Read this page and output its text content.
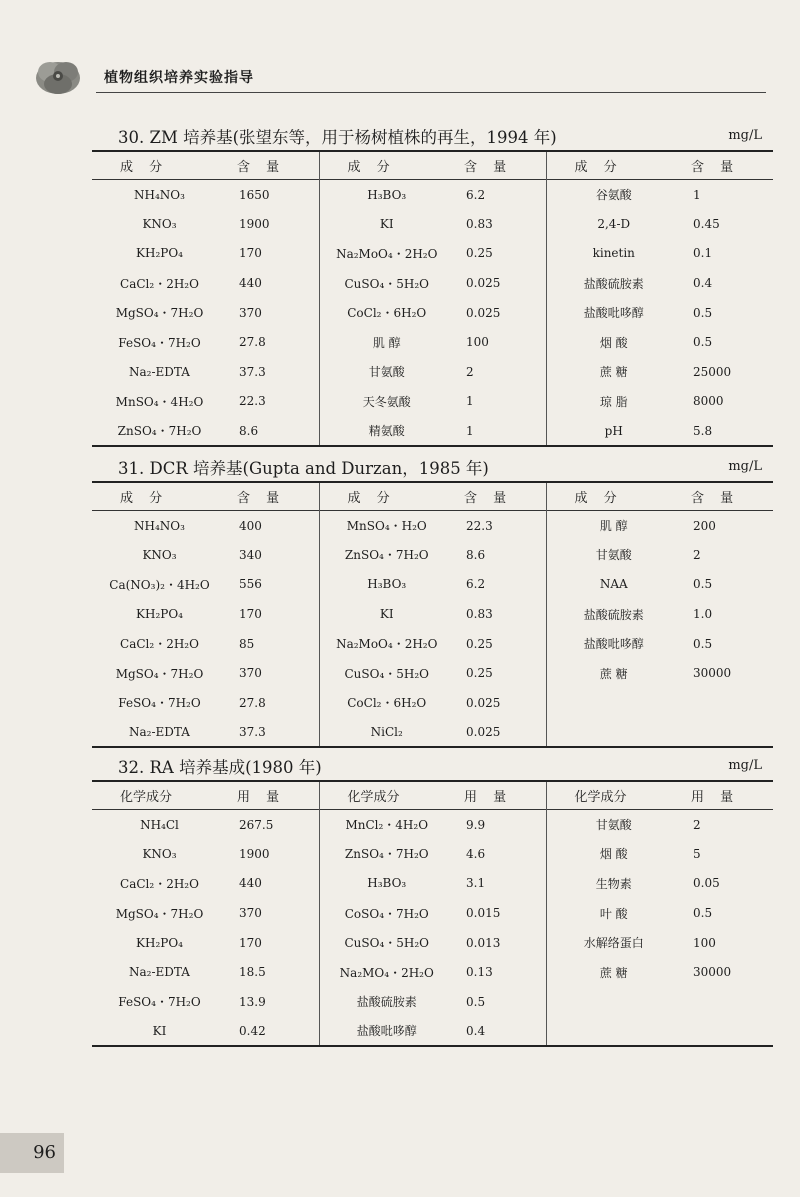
植物组织培养实验指导
30. ZM 培养基(张望东等，用于杨树植株的再生，1994 年)	mg/L
成 分	含 量	成 分	含 量	成 分	含 量
NH₄NO₃	1650	H₃BO₃	6.2	谷氨酸	1
KNO₃	1900	KI	0.83	2,4-D	0.45
KH₂PO₄	170	Na₂MoO₄・2H₂O	0.25	kinetin	0.1
CaCl₂・2H₂O	440	CuSO₄・5H₂O	0.025	盐酸硫胺素	0.4
MgSO₄・7H₂O	370	CoCl₂・6H₂O	0.025	盐酸吡哆醇	0.5
FeSO₄・7H₂O	27.8	肌 醇	100	烟 酸	0.5
Na₂-EDTA	37.3	甘氨酸	2	蔗 糖	25000
MnSO₄・4H₂O	22.3	天冬氨酸	1	琼 脂	8000
ZnSO₄・7H₂O	8.6	精氨酸	1	pH	5.8
31. DCR 培养基(Gupta and Durzan，1985 年)	mg/L
成 分	含 量	成 分	含 量	成 分	含 量
NH₄NO₃	400	MnSO₄・H₂O	22.3	肌 醇	200
KNO₃	340	ZnSO₄・7H₂O	8.6	甘氨酸	2
Ca(NO₃)₂・4H₂O	556	H₃BO₃	6.2	NAA	0.5
KH₂PO₄	170	KI	0.83	盐酸硫胺素	1.0
CaCl₂・2H₂O	85	Na₂MoO₄・2H₂O	0.25	盐酸吡哆醇	0.5
MgSO₄・7H₂O	370	CuSO₄・5H₂O	0.25	蔗 糖	30000
FeSO₄・7H₂O	27.8	CoCl₂・6H₂O	0.025		
Na₂-EDTA	37.3	NiCl₂	0.025		
32. RA 培养基成(1980 年)	mg/L
化学成分	用 量	化学成分	用 量	化学成分	用 量
NH₄Cl	267.5	MnCl₂・4H₂O	9.9	甘氨酸	2
KNO₃	1900	ZnSO₄・7H₂O	4.6	烟 酸	5
CaCl₂・2H₂O	440	H₃BO₃	3.1	生物素	0.05
MgSO₄・7H₂O	370	CoSO₄・7H₂O	0.015	叶 酸	0.5
KH₂PO₄	170	CuSO₄・5H₂O	0.013	水解络蛋白	100
Na₂-EDTA	18.5	Na₂MO₄・2H₂O	0.13	蔗 糖	30000
FeSO₄・7H₂O	13.9	盐酸硫胺素	0.5		
KI	0.42	盐酸吡哆醇	0.4		
96
